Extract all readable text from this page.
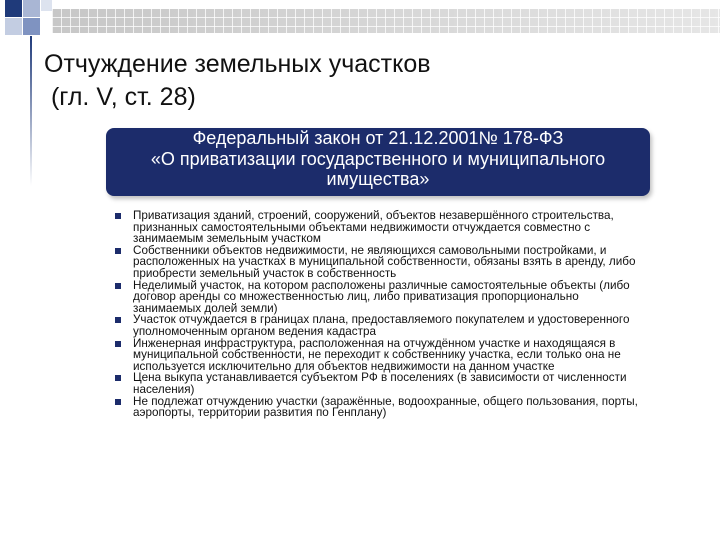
Отчуждение земельных участков
(гл. V, ст. 28)
Федеральный закон от 21.12.2001№ 178-ФЗ
«О приватизации государственного и муниципального
имущества»
Приватизация зданий, строений, сооружений, объектов незавершённого строительства, признанных самостоятельными объектами недвижимости отчуждается совместно с занимаемым земельным участком
Собственники объектов недвижимости, не являющихся самовольными постройками, и расположенных на участках в муниципальной собственности, обязаны взять в аренду, либо приобрести земельный участок в собственность
Неделимый участок, на котором расположены различные самостоятельные объекты (либо договор аренды со множественностью лиц, либо приватизация пропорционально занимаемых долей земли)
Участок отчуждается в границах плана, предоставляемого покупателем и удостоверенного уполномоченным органом ведения кадастра
Инженерная инфраструктура, расположенная на отчуждённом участке и находящаяся в муниципальной собственности, не переходит к собственнику участка, если только она не используется исключительно для объектов недвижимости на данном участке
Цена выкупа устанавливается субъектом РФ в поселениях (в зависимости от численности населения)
Не подлежат отчуждению участки (заражённые, водоохранные, общего пользования, порты, аэропорты, территории развития по Генплану)
